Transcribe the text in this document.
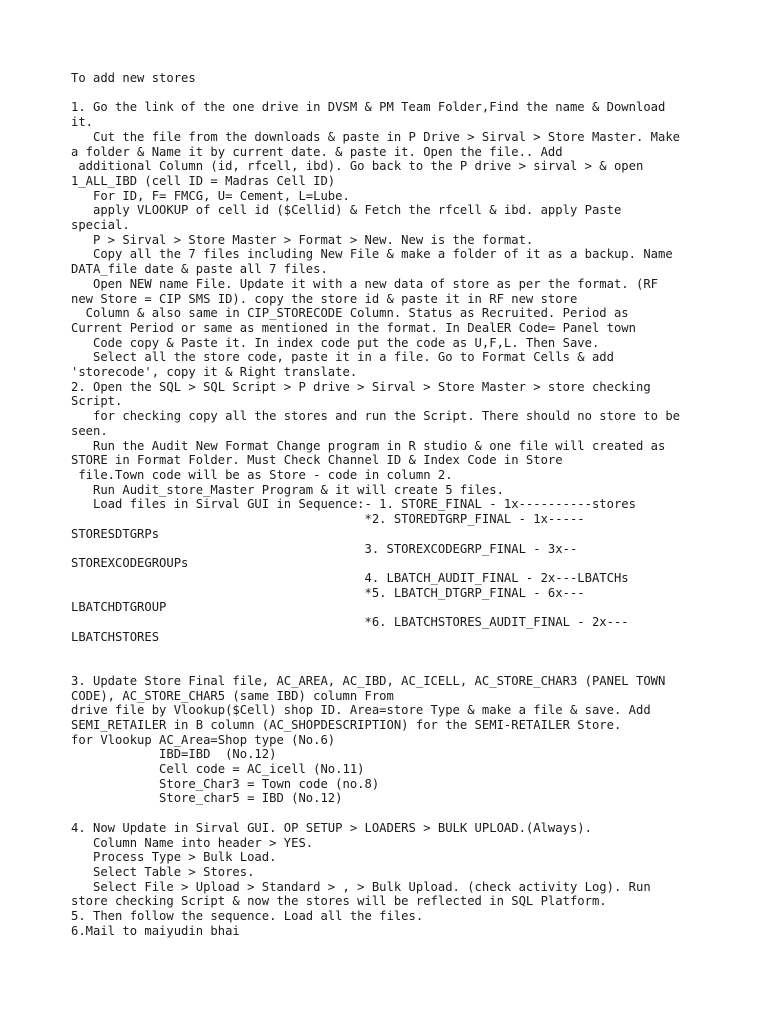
To add new stores

1. Go the link of the one drive in DVSM & PM Team Folder,Find the name & Download
it.
Cut the file from the downloads & paste in P Drive > Sirval > Store Master. Make
a folder & Name it by current date. & paste it. Open the file.. Add
additional Column (id, rfcell, ibd). Go back to the P drive > sirval > & open
1_ALL_IBD (cell ID = Madras Cell ID)
For ID, F= FMCG, U= Cement, L=Lube.
apply VLOOKUP of cell id ($Cellid) & Fetch the rfcell & ibd. apply Paste
special.
P > Sirval > Store Master > Format > New. New is the format.
Copy all the 7 files including New File & make a folder of it as a backup. Name
DATA_file date & paste all 7 files.
Open NEW name File. Update it with a new data of store as per the format. (RF
new Store = CIP SMS ID). copy the store id & paste it in RF new store
Column & also same in CIP_STORECODE Column. Status as Recruited. Period as
Current Period or same as mentioned in the format. In DealER Code= Panel town
Code copy & Paste it. In index code put the code as U,F,L. Then Save.
Select all the store code, paste it in a file. Go to Format Cells & add
'storecode', copy it & Right translate.
2. Open the SQL > SQL Script > P drive > Sirval > Store Master > store checking
Script.
for checking copy all the stores and run the Script. There should no store to be
seen.
Run the Audit New Format Change program in R studio & one file will created as
STORE in Format Folder. Must Check Channel ID & Index Code in Store
file.Town code will be as Store - code in column 2.
Run Audit_store_Master Program & it will create 5 files.
Load files in Sirval GUI in Sequence:- 1. STORE_FINAL - 1x----------stores
*2. STOREDTGRP_FINAL - 1x-----
STORESDTGRPs
3. STOREXCODEGRP_FINAL - 3x--
STOREXCODEGROUPs
4. LBATCH_AUDIT_FINAL - 2x---LBATCHs
*5. LBATCH_DTGRP_FINAL - 6x---
LBATCHDTGROUP
*6. LBATCHSTORES_AUDIT_FINAL - 2x---
LBATCHSTORES

3. Update Store Final file, AC_AREA, AC_IBD, AC_ICELL, AC_STORE_CHAR3 (PANEL TOWN
CODE), AC_STORE_CHAR5 (same IBD) column From
drive file by Vlookup($Cell) shop ID. Area=store Type & make a file & save. Add
SEMI_RETAILER in B column (AC_SHOPDESCRIPTION) for the SEMI-RETAILER Store.
for Vlookup AC_Area=Shop type (No.6)
IBD=IBD  (No.12)
Cell code = AC_icell (No.11)
Store_Char3 = Town code (no.8)
Store_char5 = IBD (No.12)

4. Now Update in Sirval GUI. OP SETUP > LOADERS > BULK UPLOAD.(Always).
Column Name into header > YES.
Process Type > Bulk Load.
Select Table > Stores.
Select File > Upload > Standard > , > Bulk Upload. (check activity Log). Run
store checking Script & now the stores will be reflected in SQL Platform.
5. Then follow the sequence. Load all the files.
6.Mail to maiyudin bhai
